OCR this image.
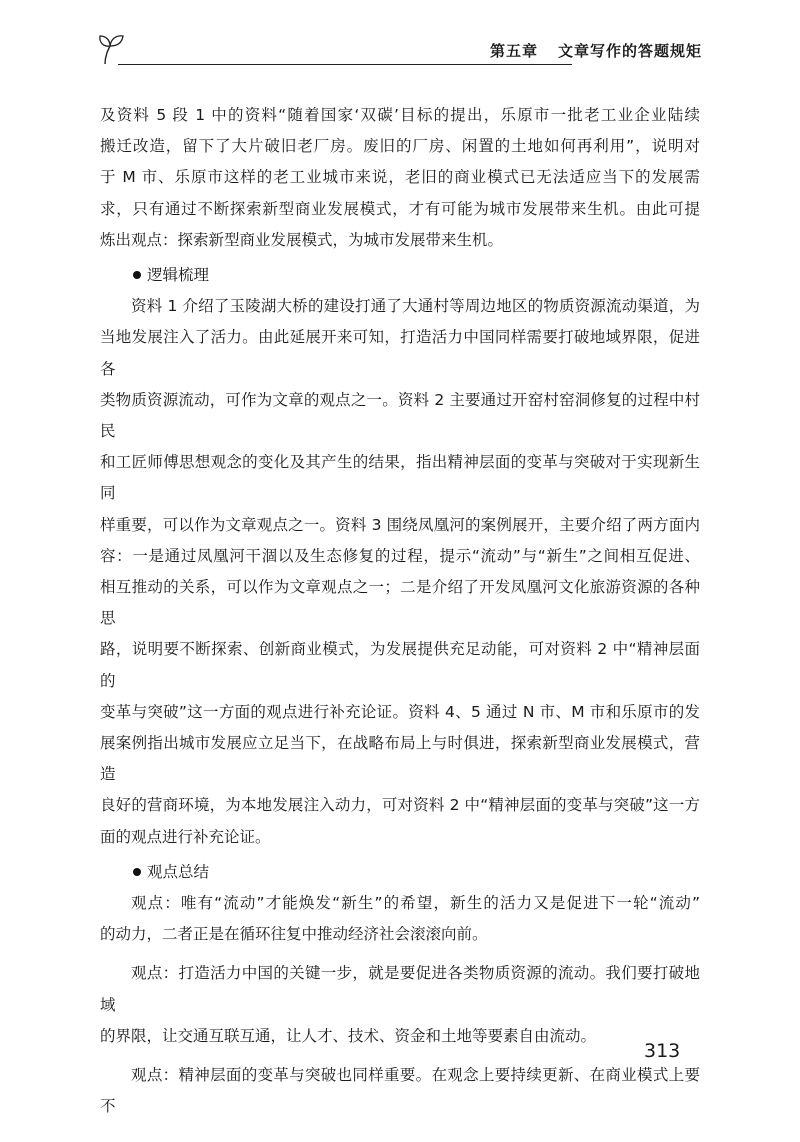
第五章 文章写作的答题规矩

及资料 5 段 1 中的资料“随着国家‘双碳’目标的提出，乐原市一批老工业企业陆续

搬迁改造，留下了大片破旧老厂房。废旧的厂房、闲置的土地如何再利用”，说明对

于 M 市、乐原市这样的老工业城市来说，老旧的商业模式已无法适应当下的发展需

求，只有通过不断探索新型商业发展模式，才有可能为城市发展带来生机。由此可提

炼出观点：探索新型商业发展模式，为城市发展带来生机。

逻辑梳理

资料 1 介绍了玉陵湖大桥的建设打通了大通村等周边地区的物质资源流动渠道，为

当地发展注入了活力。由此延展开来可知，打造活力中国同样需要打破地域界限，促进各

类物质资源流动，可作为文章的观点之一。资料 2 主要通过开窑村窑洞修复的过程中村民

和工匠师傅思想观念的变化及其产生的结果，指出精神层面的变革与突破对于实现新生同

样重要，可以作为文章观点之一。资料 3 围绕凤凰河的案例展开，主要介绍了两方面内

容：一是通过凤凰河干涸以及生态修复的过程，提示“流动”与“新生”之间相互促进、

相互推动的关系，可以作为文章观点之一；二是介绍了开发凤凰河文化旅游资源的各种思

路，说明要不断探索、创新商业模式，为发展提供充足动能，可对资料 2 中“精神层面的

变革与突破”这一方面的观点进行补充论证。资料 4、5 通过 N 市、M 市和乐原市的发

展案例指出城市发展应立足当下，在战略布局上与时俱进，探索新型商业发展模式，营造

良好的营商环境，为本地发展注入动力，可对资料 2 中“精神层面的变革与突破”这一方

面的观点进行补充论证。

观点总结

观点：唯有“流动”才能焕发“新生”的希望，新生的活力又是促进下一轮“流动”

的动力，二者正是在循环往复中推动经济社会滚滚向前。

观点：打造活力中国的关键一步，就是要促进各类物质资源的流动。我们要打破地域

的界限，让交通互联互通，让人才、技术、资金和土地等要素自由流动。

观点：精神层面的变革与突破也同样重要。在观念上要持续更新、在商业模式上要不

313
